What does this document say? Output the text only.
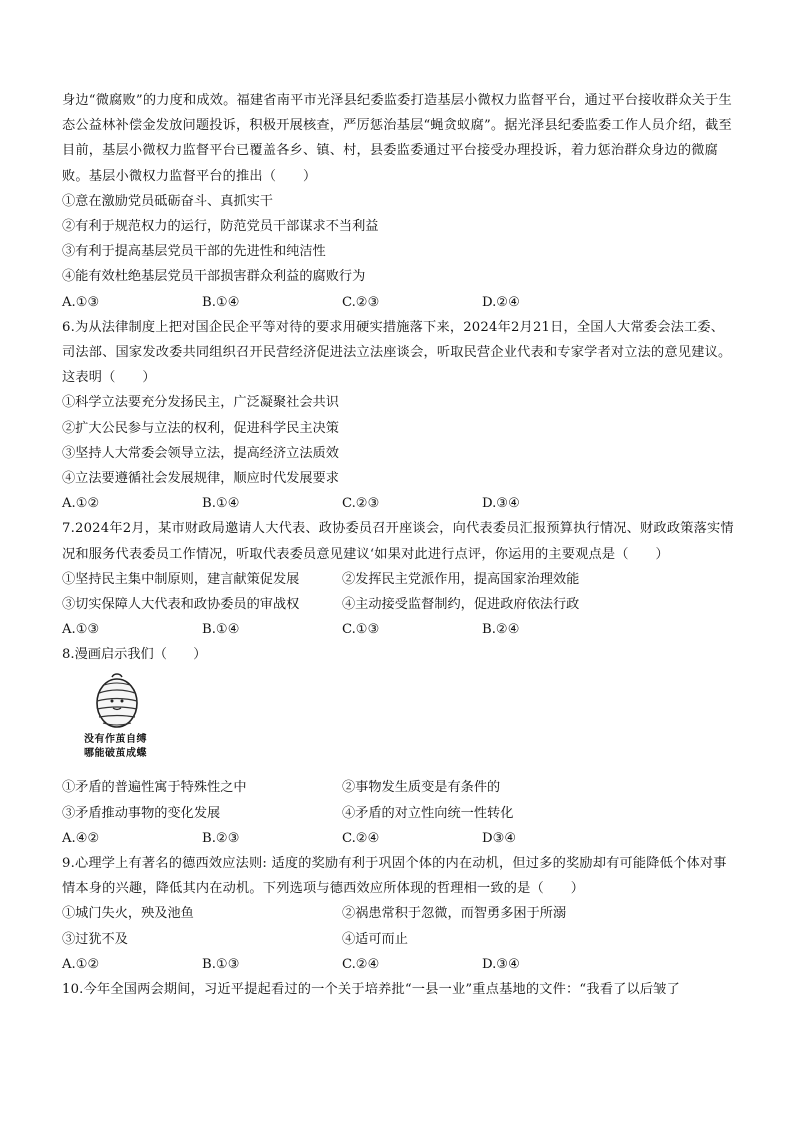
身边“微腐败”的力度和成效。福建省南平市光泽县纪委监委打造基层小微权力监督平台，通过平台接收群众关于生态公益林补偿金发放问题投诉，积极开展核查，严厉惩治基层“蝇贪蚁腐”。据光泽县纪委监委工作人员介绍，截至目前，基层小微权力监督平台已覆盖各乡、镇、村，县委监委通过平台接受办理投诉，着力惩治群众身边的微腐败。基层小微权力监督平台的推出（　　）
①意在激励党员砥砺奋斗、真抓实干
②有利于规范权力的运行，防范党员干部谋求不当利益
③有利于提高基层党员干部的先进性和纯洁性
④能有效杜绝基层党员干部损害群众利益的腐败行为
A.①③	B.①④	C.②③	D.②④
6.为从法律制度上把对国企民企平等对待的要求用硬实措施落下来，2024年2月21日，全国人大常委会法工委、司法部、国家发改委共同组织召开民营经济促进法立法座谈会，听取民营企业代表和专家学者对立法的意见建议。这表明（　　）
①科学立法要充分发扬民主，广泛凝聚社会共识
②扩大公民参与立法的权利，促进科学民主决策
③坚持人大常委会领导立法，提高经济立法质效
④立法要遵循社会发展规律，顺应时代发展要求
A.①②	B.①④	C.②③	D.③④
7.2024年2月，某市财政局邀请人大代表、政协委员召开座谈会，向代表委员汇报预算执行情况、财政政策落实情况和服务代表委员工作情况，听取代表委员意见建议‘如果对此进行点评，你运用的主要观点是（　　）
①坚持民主集中制原则，建言献策促发展	②发挥民主党派作用，提高国家治理效能
③切实保障人大代表和政协委员的审战权	④主动接受监督制约，促进政府依法行政
A.①③	B.①④	C.①③	B.②④
8.漫画启示我们（　　）
没有作茧自缚
哪能破茧成蝶
①矛盾的普遍性寓于特殊性之中	②事物发生质变是有条件的
③矛盾推动事物的变化发展	④矛盾的对立性向统一性转化
A.④②	B.②③	C.②④	D③④
9.心理学上有著名的德西效应法则: 适度的奖励有利于巩固个体的内在动机，但过多的奖励却有可能降低个体对事情本身的兴趣，降低其内在动机。下列选项与德西效应所体现的哲理相一致的是（　　）
①城门失火，殃及池鱼	②祸患常积于忽微，而智勇多困于所溺
③过犹不及	④适可而止
A.①②	B.①③	C.②④	D.③④
10.今年全国两会期间，习近平提起看过的一个关于培养批“一县一业”重点基地的文件：“我看了以后皱了
